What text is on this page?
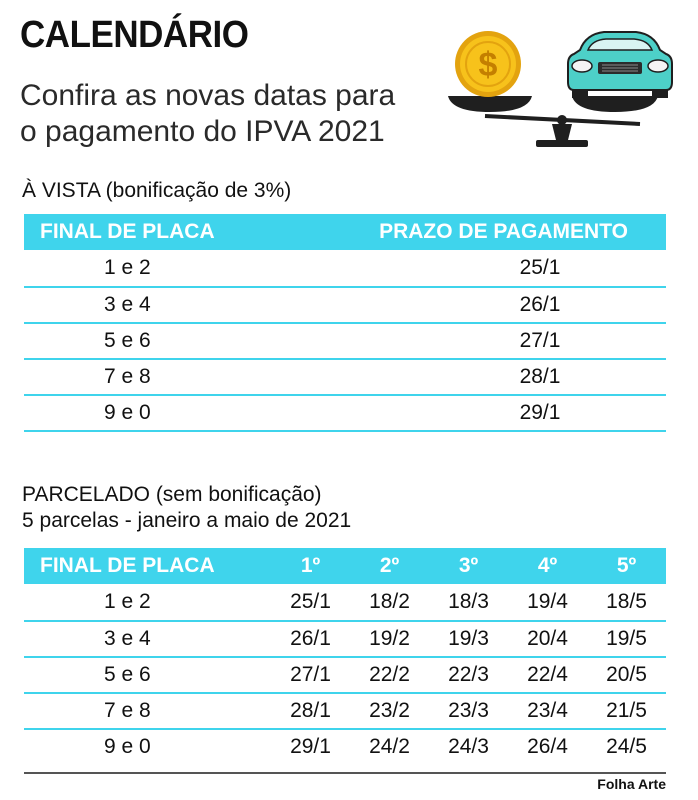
CALENDÁRIO
Confira as novas datas para o pagamento do IPVA 2021
$
À VISTA (bonificação de 3%)
FINAL DE PLACA	PRAZO DE PAGAMENTO
1 e 2	25/1
3 e 4	26/1
5 e 6	27/1
7 e 8	28/1
9 e 0	29/1
PARCELADO (sem bonificação)
5 parcelas - janeiro a maio de 2021
FINAL DE PLACA	1º	2º	3º	4º	5º
1 e 2	25/1	18/2	18/3	19/4	18/5
3 e 4	26/1	19/2	19/3	20/4	19/5
5 e 6	27/1	22/2	22/3	22/4	20/5
7 e 8	28/1	23/2	23/3	23/4	21/5
9 e 0	29/1	24/2	24/3	26/4	24/5
Folha Arte
